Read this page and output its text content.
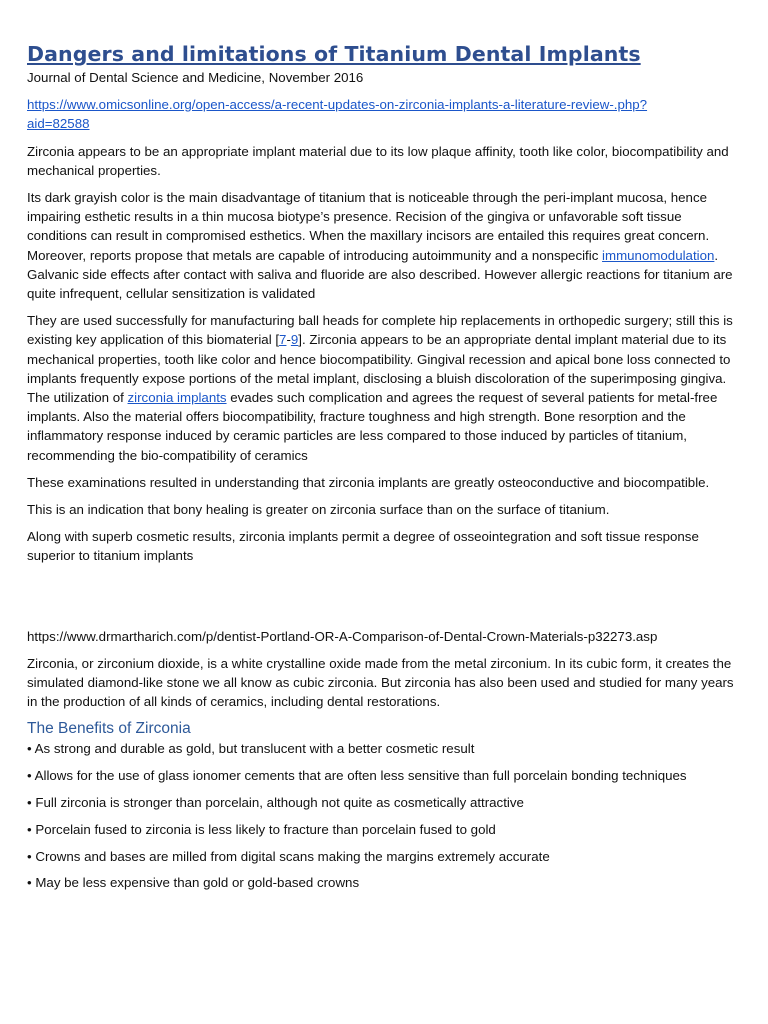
Dangers and limitations of Titanium Dental Implants
Journal of Dental Science and Medicine, November 2016
https://www.omicsonline.org/open-access/a-recent-updates-on-zirconia-implants-a-literature-review-.php?
aid=82588

Zirconia appears to be an appropriate implant material due to its low plaque affinity, tooth like color, biocompatibility and mechanical properties.

Its dark grayish color is the main disadvantage of titanium that is noticeable through the peri-implant mucosa, hence impairing esthetic results in a thin mucosa biotype’s presence. Recision of the gingiva or unfavorable soft tissue conditions can result in compromised esthetics. When the maxillary incisors are entailed this requires great concern. Moreover, reports propose that metals are capable of introducing autoimmunity and a nonspecific immunomodulation. Galvanic side effects after contact with saliva and fluoride are also described. However allergic reactions for titanium are quite infrequent, cellular sensitization is validated

They are used successfully for manufacturing ball heads for complete hip replacements in orthopedic surgery; still this is existing key application of this biomaterial [7-9]. Zirconia appears to be an appropriate dental implant material due to its mechanical properties, tooth like color and hence biocompatibility. Gingival recession and apical bone loss connected to implants frequently expose portions of the metal implant, disclosing a bluish discoloration of the superimposing gingiva. The utilization of zirconia implants evades such complication and agrees the request of several patients for metal-free implants. Also the material offers biocompatibility, fracture toughness and high strength. Bone resorption and the inflammatory response induced by ceramic particles are less compared to those induced by particles of titanium, recommending the bio-compatibility of ceramics

These examinations resulted in understanding that zirconia implants are greatly osteoconductive and biocompatible.

This is an indication that bony healing is greater on zirconia surface than on the surface of titanium.

Along with superb cosmetic results, zirconia implants permit a degree of osseointegration and soft tissue response superior to titanium implants

https://www.drmartharich.com/p/dentist-Portland-OR-A-Comparison-of-Dental-Crown-Materials-p32273.asp

Zirconia, or zirconium dioxide, is a white crystalline oxide made from the metal zirconium. In its cubic form, it creates the simulated diamond-like stone we all know as cubic zirconia. But zirconia has also been used and studied for many years in the production of all kinds of ceramics, including dental restorations.

The Benefits of Zirconia

• As strong and durable as gold, but translucent with a better cosmetic result

• Allows for the use of glass ionomer cements that are often less sensitive than full porcelain bonding techniques

• Full zirconia is stronger than porcelain, although not quite as cosmetically attractive

• Porcelain fused to zirconia is less likely to fracture than porcelain fused to gold

• Crowns and bases are milled from digital scans making the margins extremely accurate

• May be less expensive than gold or gold-based crowns
